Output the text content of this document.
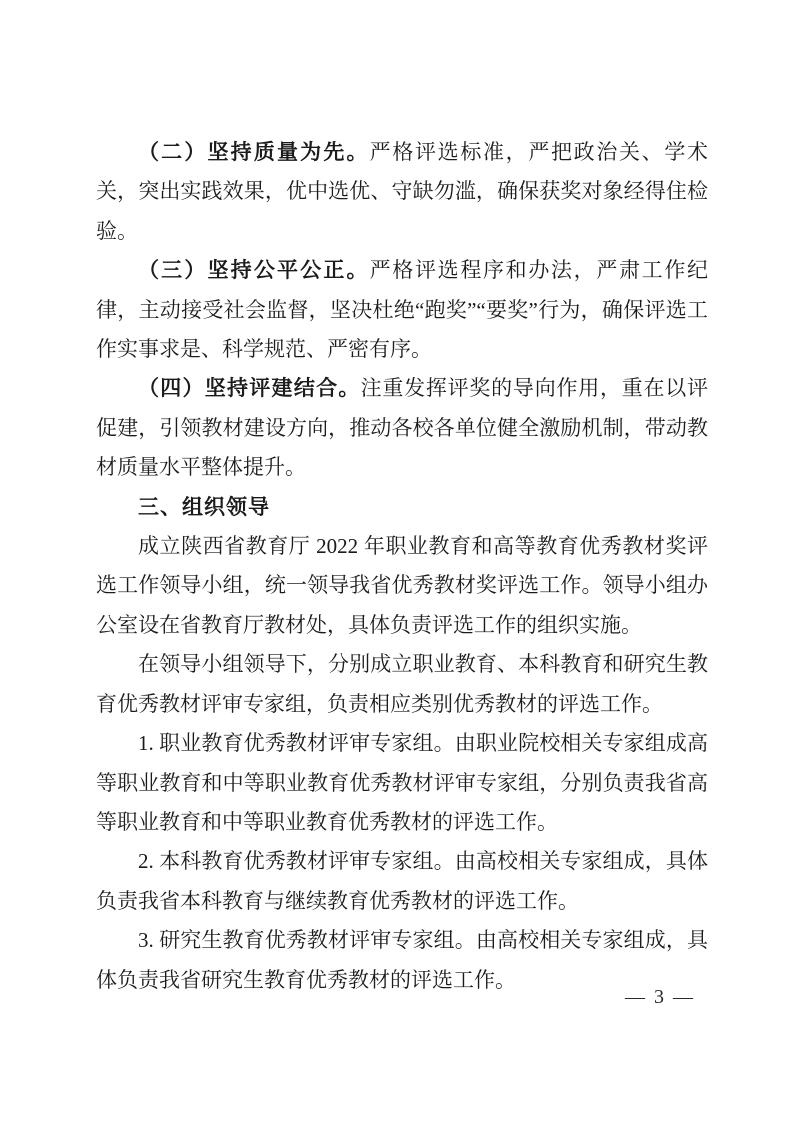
（二）坚持质量为先。严格评选标准，严把政治关、学术关，突出实践效果，优中选优、守缺勿滥，确保获奖对象经得住检验。

（三）坚持公平公正。严格评选程序和办法，严肃工作纪律，主动接受社会监督，坚决杜绝“跑奖”“要奖”行为，确保评选工作实事求是、科学规范、严密有序。

（四）坚持评建结合。注重发挥评奖的导向作用，重在以评促建，引领教材建设方向，推动各校各单位健全激励机制，带动教材质量水平整体提升。

三、组织领导

成立陕西省教育厅 2022 年职业教育和高等教育优秀教材奖评选工作领导小组，统一领导我省优秀教材奖评选工作。领导小组办公室设在省教育厅教材处，具体负责评选工作的组织实施。

在领导小组领导下，分别成立职业教育、本科教育和研究生教育优秀教材评审专家组，负责相应类别优秀教材的评选工作。

1. 职业教育优秀教材评审专家组。由职业院校相关专家组成高等职业教育和中等职业教育优秀教材评审专家组，分别负责我省高等职业教育和中等职业教育优秀教材的评选工作。

2. 本科教育优秀教材评审专家组。由高校相关专家组成，具体负责我省本科教育与继续教育优秀教材的评选工作。

3. 研究生教育优秀教材评审专家组。由高校相关专家组成，具体负责我省研究生教育优秀教材的评选工作。

— 3 —
